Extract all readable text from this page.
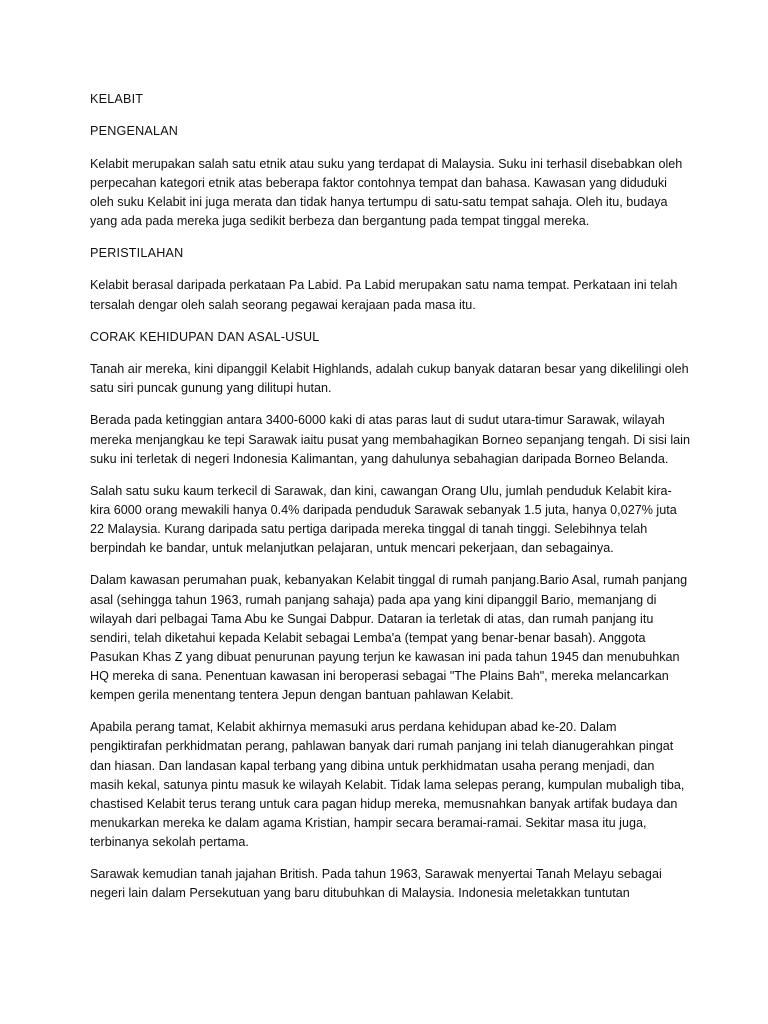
KELABIT

PENGENALAN

Kelabit merupakan salah satu etnik atau suku yang terdapat di Malaysia. Suku ini terhasil disebabkan oleh perpecahan kategori etnik atas beberapa faktor contohnya tempat dan bahasa. Kawasan yang diduduki oleh suku Kelabit ini juga merata dan tidak hanya tertumpu di satu-satu tempat sahaja. Oleh itu, budaya yang ada pada mereka juga sedikit berbeza dan bergantung pada tempat tinggal mereka.

PERISTILAHAN

Kelabit berasal daripada perkataan Pa Labid. Pa Labid merupakan satu nama tempat. Perkataan ini telah tersalah dengar oleh salah seorang pegawai kerajaan pada masa itu.

CORAK KEHIDUPAN DAN ASAL-USUL

Tanah air mereka, kini dipanggil Kelabit Highlands, adalah cukup banyak dataran besar yang dikelilingi oleh satu siri puncak gunung yang dilitupi hutan.

Berada pada ketinggian antara 3400-6000 kaki di atas paras laut di sudut utara-timur Sarawak, wilayah mereka menjangkau ke tepi Sarawak iaitu pusat yang membahagikan Borneo sepanjang tengah. Di sisi lain suku ini terletak di negeri Indonesia Kalimantan, yang dahulunya sebahagian daripada Borneo Belanda.

Salah satu suku kaum terkecil di Sarawak, dan kini, cawangan Orang Ulu, jumlah penduduk Kelabit kira-kira 6000 orang mewakili hanya 0.4% daripada penduduk Sarawak sebanyak 1.5 juta, hanya 0,027% juta 22 Malaysia. Kurang daripada satu pertiga daripada mereka tinggal di tanah tinggi. Selebihnya telah berpindah ke bandar, untuk melanjutkan pelajaran, untuk mencari pekerjaan, dan sebagainya.

Dalam kawasan perumahan puak, kebanyakan Kelabit tinggal di rumah panjang.Bario Asal, rumah panjang asal (sehingga tahun 1963, rumah panjang sahaja) pada apa yang kini dipanggil Bario, memanjang di wilayah dari pelbagai Tama Abu ke Sungai Dabpur. Dataran ia terletak di atas, dan rumah panjang itu sendiri, telah diketahui kepada Kelabit sebagai Lemba'a (tempat yang benar-benar basah). Anggota Pasukan Khas Z yang dibuat penurunan payung terjun ke kawasan ini pada tahun 1945 dan menubuhkan HQ mereka di sana. Penentuan kawasan ini beroperasi sebagai "The Plains Bah", mereka melancarkan kempen gerila menentang tentera Jepun dengan bantuan pahlawan Kelabit.

Apabila perang tamat, Kelabit akhirnya memasuki arus perdana kehidupan abad ke-20. Dalam pengiktirafan perkhidmatan perang, pahlawan banyak dari rumah panjang ini telah dianugerahkan pingat dan hiasan. Dan landasan kapal terbang yang dibina untuk perkhidmatan usaha perang menjadi, dan masih kekal, satunya pintu masuk ke wilayah Kelabit. Tidak lama selepas perang, kumpulan mubaligh tiba, chastised Kelabit terus terang untuk cara pagan hidup mereka, memusnahkan banyak artifak budaya dan menukarkan mereka ke dalam agama Kristian, hampir secara beramai-ramai. Sekitar masa itu juga, terbinanya sekolah pertama.

Sarawak kemudian tanah jajahan British. Pada tahun 1963, Sarawak menyertai Tanah Melayu sebagai negeri lain dalam Persekutuan yang baru ditubuhkan di Malaysia. Indonesia meletakkan tuntutan
